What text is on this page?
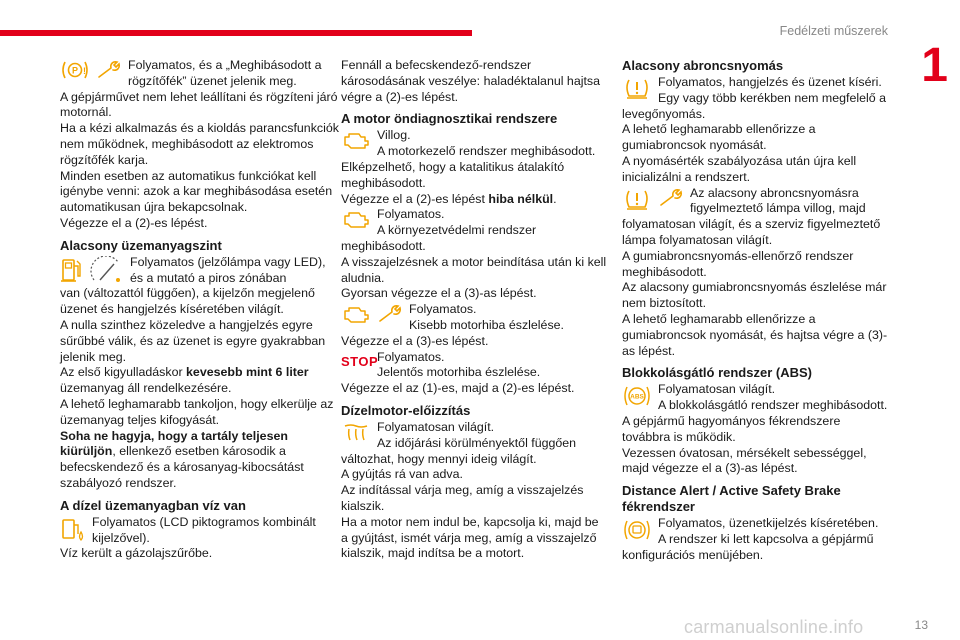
Fedélzeti műszerek
1
P !	Folyamatos, és a „Meghibásodott a rögzítőfék” üzenet jelenik meg.

A gépjárművet nem lehet leállítani és rögzíteni járó motornál.

Ha a kézi alkalmazás és a kioldás parancsfunkciók nem működnek, meghibásodott az elektromos rögzítőfék karja.

Minden esetben az automatikus funkciókat kell igénybe venni: azok a kar meghibásodása esetén automatikusan újra bekapcsolnak.

Végezze el a (2)-es lépést.

Alacsony üzemanyagszint

Folyamatos (jelzőlámpa vagy LED), és a mutató a piros zónában

van (változattól függően), a kijelzőn megjelenő üzenet és hangjelzés kíséretében világít.

A nulla szinthez közeledve a hangjelzés egyre sűrűbbé válik, és az üzenet is egyre gyakrabban jelenik meg.

Az első kigyulladáskor kevesebb mint 6 liter üzemanyag áll rendelkezésére.

A lehető leghamarabb tankoljon, hogy elkerülje az üzemanyag teljes kifogyását.

Soha ne hagyja, hogy a tartály teljesen kiürüljön, ellenkező esetben károsodik a befecskendező és a károsanyag-kibocsátást szabályozó rendszer.

A dízel üzemanyagban víz van

Folyamatos (LCD piktogramos kombinált kijelzővel).

Víz került a gázolajszűrőbe.

Fennáll a befecskendező-rendszer károsodásának veszélye: haladéktalanul hajtsa végre a (2)-es lépést.

A motor öndiagnosztikai rendszere

Villog.

A motorkezelő rendszer meghibásodott.

Elképzelhető, hogy a katalitikus átalakító meghibásodott.

Végezze el a (2)-es lépést hiba nélkül.

Folyamatos.

A környezetvédelmi rendszer

meghibásodott.

A visszajelzésnek a motor beindítása után ki kell aludnia.

Gyorsan végezze el a (3)-as lépést.

Folyamatos.

Kisebb motorhiba észlelése.

Végezze el a (3)-es lépést.

STOP

Folyamatos.

Jelentős motorhiba észlelése.

Végezze el az (1)-es, majd a (2)-es lépést.

Dízelmotor-előizzítás

Folyamatosan világít.

Az időjárási körülményektől függően

változhat, hogy mennyi ideig világít.

A gyújtás rá van adva.

Az indítással várja meg, amíg a visszajelzés kialszik.

Ha a motor nem indul be, kapcsolja ki, majd be a gyújtást, ismét várja meg, amíg a visszajelző kialszik, majd indítsa be a motort.

Alacsony abroncsnyomás

Folyamatos, hangjelzés és üzenet kíséri.

Egy vagy több kerékben nem megfelelő a

levegőnyomás.

A lehető leghamarabb ellenőrizze a gumiabroncsok nyomását.

A nyomásérték szabályozása után újra kell inicializálni a rendszert.

Az alacsony abroncsnyomásra figyelmeztető lámpa villog, majd

folyamatosan világít, és a szerviz figyelmeztető lámpa folyamatosan világít.

A gumiabroncsnyomás-ellenőrző rendszer meghibásodott.

Az alacsony gumiabroncsnyomás észlelése már nem biztosított.

A lehető leghamarabb ellenőrizze a gumiabroncsok nyomását, és hajtsa végre a (3)-as lépést.

Blokkolásgátló rendszer (ABS)
ABS

Folyamatosan világít.

A blokkolásgátló rendszer meghibásodott.

A gépjármű hagyományos fékrendszere továbbra is működik.

Vezessen óvatosan, mérsékelt sebességgel, majd végezze el a (3)-as lépést.

Distance Alert / Active Safety Brake fékrendszer

Folyamatos, üzenetkijelzés kíséretében.

A rendszer ki lett kapcsolva a gépjármű

konfigurációs menüjében.

13
carmanualsonline.info
